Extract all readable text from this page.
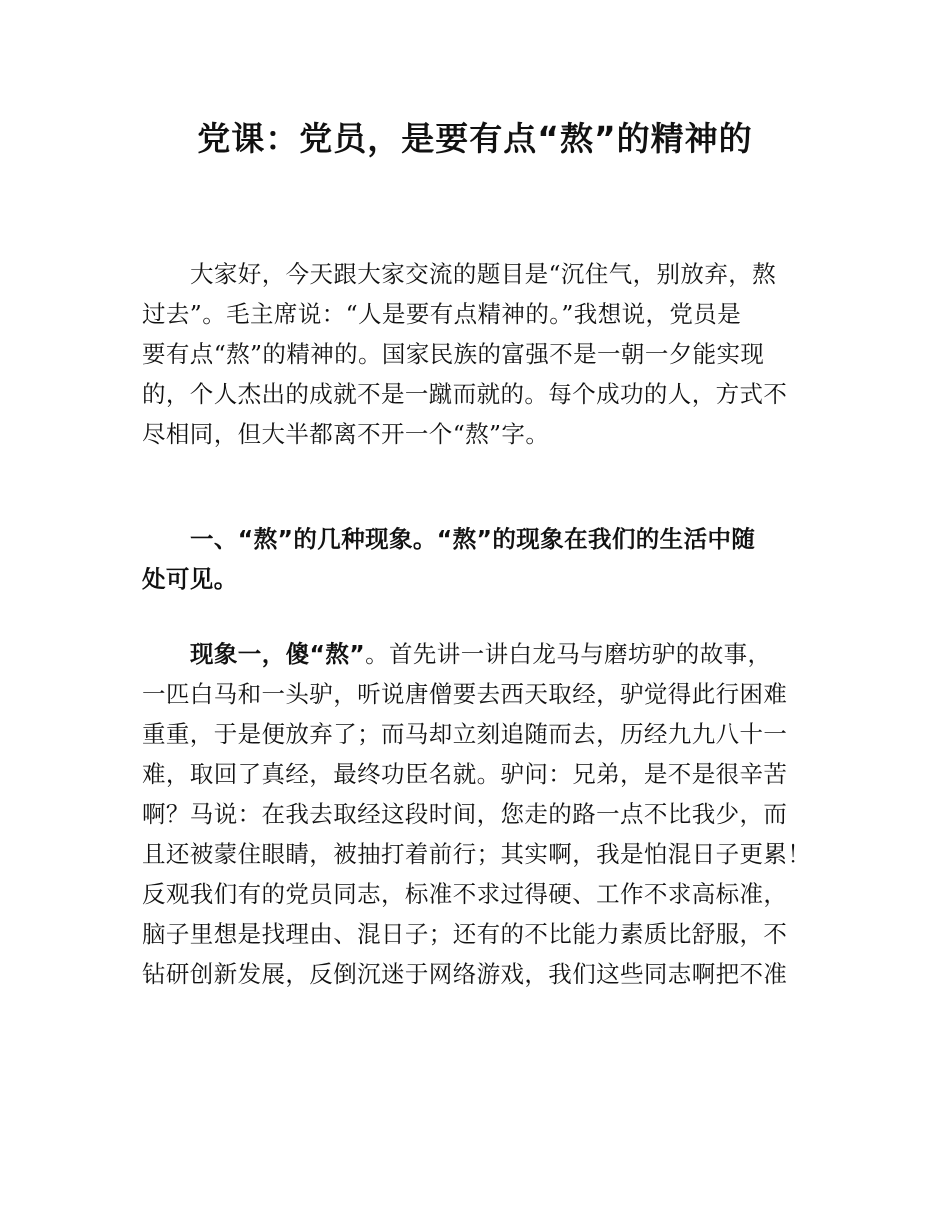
党课：党员，是要有点“熬”的精神的
大家好，今天跟大家交流的题目是“沉住气，别放弃，熬
过去”。毛主席说：“人是要有点精神的。”我想说，党员是
要有点“熬”的精神的。国家民族的富强不是一朝一夕能实现
的，个人杰出的成就不是一蹴而就的。每个成功的人，方式不
尽相同，但大半都离不开一个“熬”字。
一、“熬”的几种现象。“熬”的现象在我们的生活中随
处可见。
现象一，傻“熬”。首先讲一讲白龙马与磨坊驴的故事，
一匹白马和一头驴，听说唐僧要去西天取经，驴觉得此行困难
重重，于是便放弃了；而马却立刻追随而去，历经九九八十一
难，取回了真经，最终功臣名就。驴问：兄弟，是不是很辛苦
啊？马说：在我去取经这段时间，您走的路一点不比我少，而
且还被蒙住眼睛，被抽打着前行；其实啊，我是怕混日子更累！
反观我们有的党员同志，标准不求过得硬、工作不求高标准，
脑子里想是找理由、混日子；还有的不比能力素质比舒服，不
钻研创新发展，反倒沉迷于网络游戏，我们这些同志啊把不准
